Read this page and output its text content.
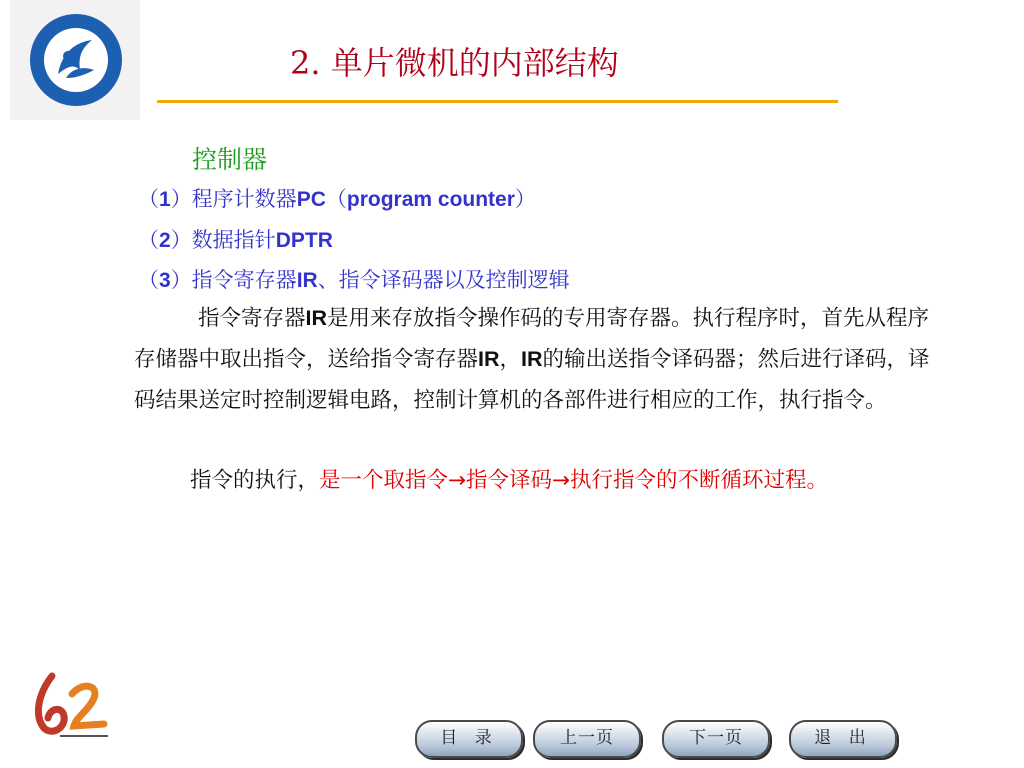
2. 单片微机的内部结构
控制器
（1）程序计数器PC（program counter）
（2）数据指针DPTR
（3）指令寄存器IR、指令译码器以及控制逻辑
指令寄存器IR是用来存放指令操作码的专用寄存器。执行程序时，首先从程序存储器中取出指令，送给指令寄存器IR，IR的输出送指令译码器；然后进行译码，译码结果送定时控制逻辑电路，控制计算机的各部件进行相应的工作，执行指令。
指令的执行，是一个取指令→指令译码→执行指令的不断循环过程。
目 录	上一页	下一页	退 出
